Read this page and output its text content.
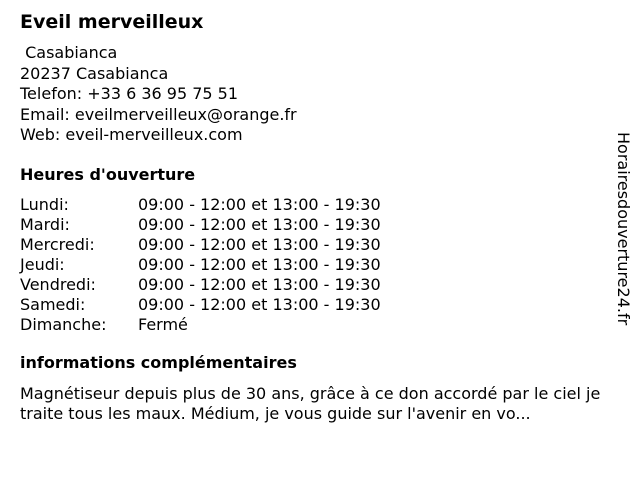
Eveil merveilleux
Casabianca
20237 Casabianca
Telefon: +33 6 36 95 75 51
Email: eveilmerveilleux@orange.fr
Web: eveil-merveilleux.com
Heures d'ouverture
Lundi:	09:00 - 12:00 et 13:00 - 19:30
Mardi:	09:00 - 12:00 et 13:00 - 19:30
Mercredi:	09:00 - 12:00 et 13:00 - 19:30
Jeudi:	09:00 - 12:00 et 13:00 - 19:30
Vendredi:	09:00 - 12:00 et 13:00 - 19:30
Samedi:	09:00 - 12:00 et 13:00 - 19:30
Dimanche: Fermé
informations complémentaires
Magnétiseur depuis plus de 30 ans, grâce à ce don accordé par le ciel je traite tous les maux. Médium, je vous guide sur l'avenir en vo...
Horairesdouverture24.fr
